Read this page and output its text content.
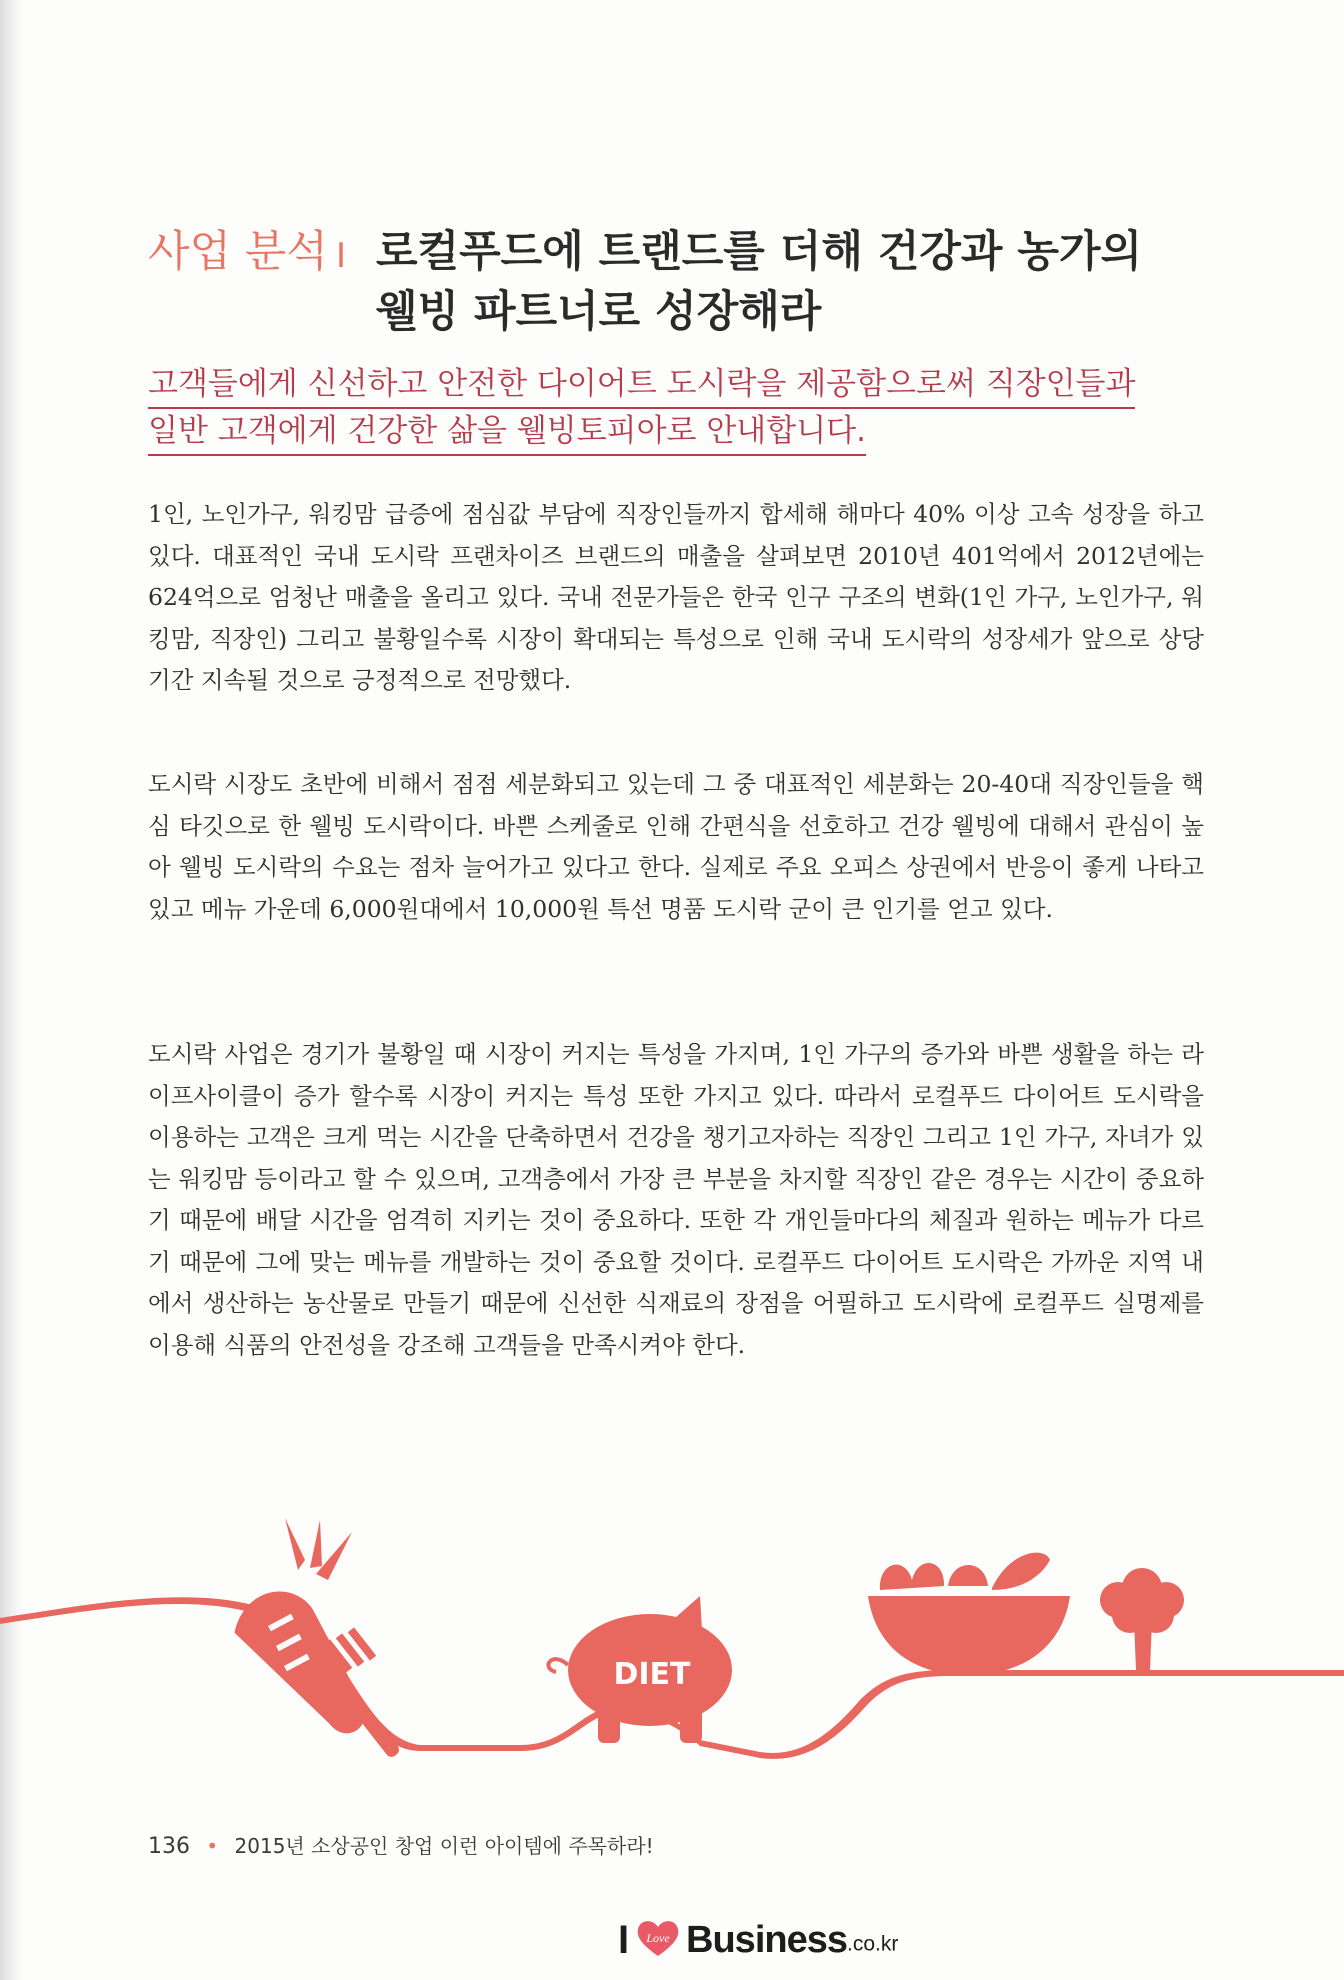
사업 분석 I 로컬푸드에 트랜드를 더해 건강과 농가의
웰빙 파트너로 성장해라
고객들에게 신선하고 안전한 다이어트 도시락을 제공함으로써 직장인들과
일반 고객에게 건강한 삶을 웰빙토피아로 안내합니다.

1인, 노인가구, 워킹맘 급증에 점심값 부담에 직장인들까지 합세해 해마다 40% 이상 고속 성장을 하고 있다. 대표적인 국내 도시락 프랜차이즈 브랜드의 매출을 살펴보면 2010년 401억에서 2012년에는 624억으로 엄청난 매출을 올리고 있다. 국내 전문가들은 한국 인구 구조의 변화(1인 가구, 노인가구, 워킹맘, 직장인) 그리고 불황일수록 시장이 확대되는 특성으로 인해 국내 도시락의 성장세가 앞으로 상당 기간 지속될 것으로 긍정적으로 전망했다.

도시락 시장도 초반에 비해서 점점 세분화되고 있는데 그 중 대표적인 세분화는 20-40대 직장인들을 핵심 타깃으로 한 웰빙 도시락이다. 바쁜 스케줄로 인해 간편식을 선호하고 건강 웰빙에 대해서 관심이 높아 웰빙 도시락의 수요는 점차 늘어가고 있다고 한다. 실제로 주요 오피스 상권에서 반응이 좋게 나타고 있고 메뉴 가운데 6,000원대에서 10,000원 특선 명품 도시락 군이 큰 인기를 얻고 있다.

도시락 사업은 경기가 불황일 때 시장이 커지는 특성을 가지며, 1인 가구의 증가와 바쁜 생활을 하는 라이프사이클이 증가 할수록 시장이 커지는 특성 또한 가지고 있다. 따라서 로컬푸드 다이어트 도시락을 이용하는 고객은 크게 먹는 시간을 단축하면서 건강을 챙기고자하는 직장인 그리고 1인 가구, 자녀가 있는 워킹맘 등이라고 할 수 있으며, 고객층에서 가장 큰 부분을 차지할 직장인 같은 경우는 시간이 중요하기 때문에 배달 시간을 엄격히 지키는 것이 중요하다. 또한 각 개인들마다의 체질과 원하는 메뉴가 다르기 때문에 그에 맞는 메뉴를 개발하는 것이 중요할 것이다. 로컬푸드 다이어트 도시락은 가까운 지역 내에서 생산하는 농산물로 만들기 때문에 신선한 식재료의 장점을 어필하고 도시락에 로컬푸드 실명제를 이용해 식품의 안전성을 강조해 고객들을 만족시켜야 한다.

DIET
136 • 2015년 소상공인 창업 이런 아이템에 주목하라!
I Love Business.co.kr
